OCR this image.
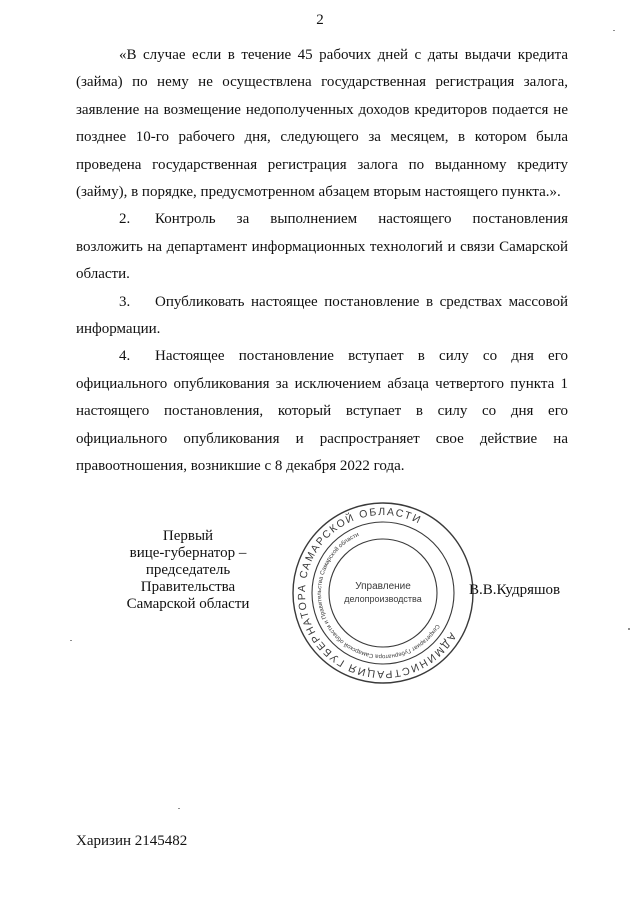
2

«В случае если в течение 45 рабочих дней с даты выдачи кредита (займа) по нему не осуществлена государственная регистрация залога, заявление на возмещение недополученных доходов кредиторов подается не позднее 10-го рабочего дня, следующего за месяцем, в котором была проведена государственная регистрация залога по выданному кредиту (займу), в порядке, предусмотренном абзацем вторым настоящего пункта.».

2. Контроль за выполнением настоящего постановления возложить на департамент информационных технологий и связи Самарской области.

3. Опубликовать настоящее постановление в средствах массовой информации.

4. Настоящее постановление вступает в силу со дня его официального опубликования за исключением абзаца четвертого пункта 1 настоящего постановления, который вступает в силу со дня его официального опубликования и распространяет свое действие на правоотношения, возникшие с 8 декабря 2022 года.

Первый
вице-губернатор –
председатель Правительства
Самарской области
АДМИНИСТРАЦИЯ ГУБЕРНАТОРА САМАРСКОЙ ОБЛАСТИ
Секретариат Губернатора Самарской области и Правительства Самарской области
Управление
делопроизводства
В.В.Кудряшов
Харизин 2145482
